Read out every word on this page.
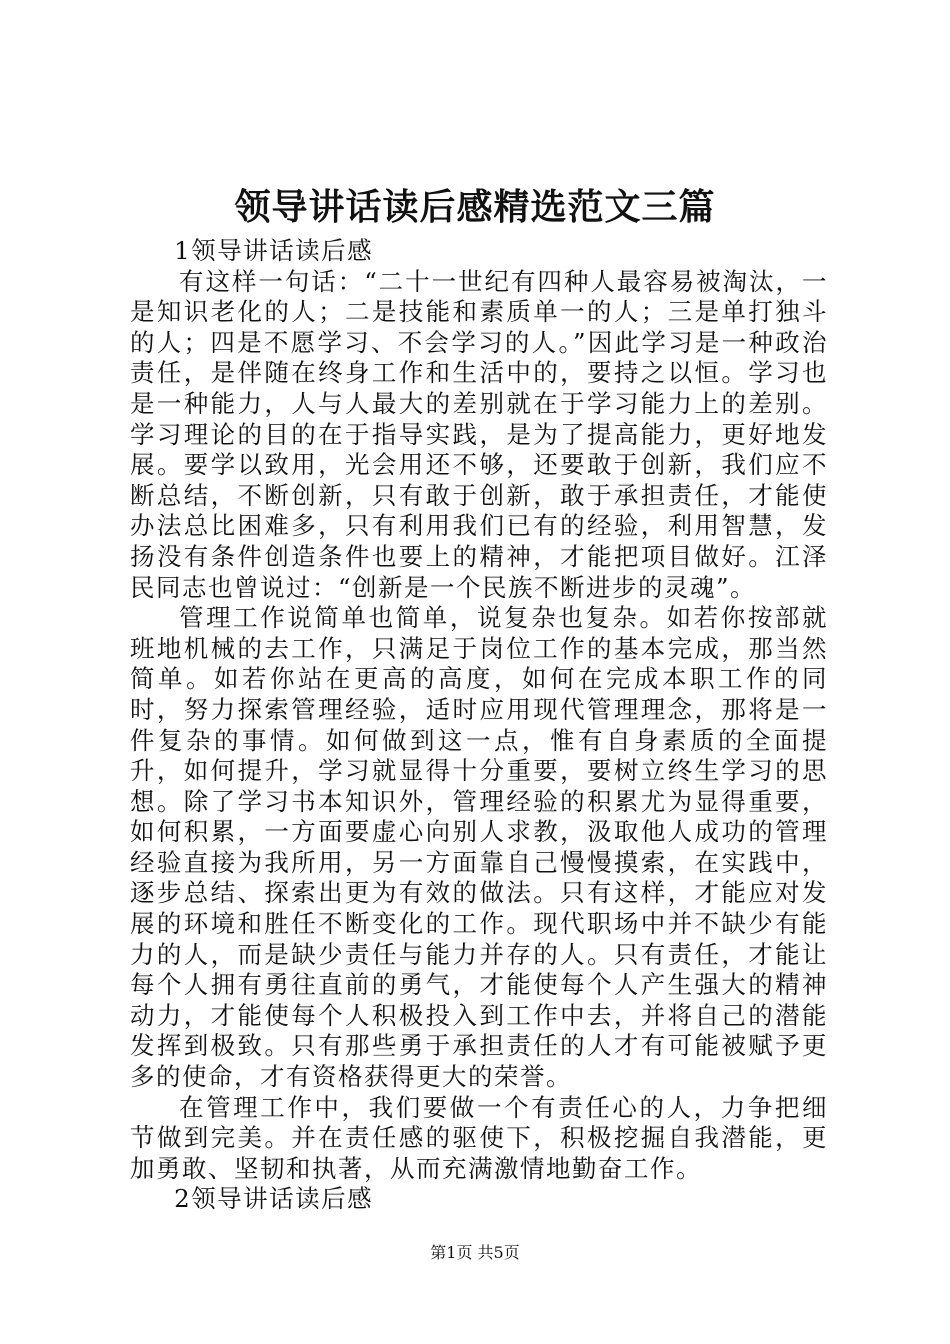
领导讲话读后感精选范文三篇

1领导讲话读后感

有这样一句话：“二十一世纪有四种人最容易被淘汰，一是知识老化的人；二是技能和素质单一的人；三是单打独斗的人；四是不愿学习、不会学习的人。”因此学习是一种政治责任，是伴随在终身工作和生活中的，要持之以恒。学习也是一种能力，人与人最大的差别就在于学习能力上的差别。学习理论的目的在于指导实践，是为了提高能力，更好地发展。要学以致用，光会用还不够，还要敢于创新，我们应不断总结，不断创新，只有敢于创新，敢于承担责任，才能使办法总比困难多，只有利用我们已有的经验，利用智慧，发扬没有条件创造条件也要上的精神，才能把项目做好。江泽民同志也曾说过：“创新是一个民族不断进步的灵魂”。

管理工作说简单也简单，说复杂也复杂。如若你按部就班地机械的去工作，只满足于岗位工作的基本完成，那当然简单。如若你站在更高的高度，如何在完成本职工作的同时，努力探索管理经验，适时应用现代管理理念，那将是一件复杂的事情。如何做到这一点，惟有自身素质的全面提升，如何提升，学习就显得十分重要，要树立终生学习的思想。除了学习书本知识外，管理经验的积累尤为显得重要，如何积累，一方面要虚心向别人求教，汲取他人成功的管理经验直接为我所用，另一方面靠自己慢慢摸索，在实践中，逐步总结、探索出更为有效的做法。只有这样，才能应对发展的环境和胜任不断变化的工作。现代职场中并不缺少有能力的人，而是缺少责任与能力并存的人。只有责任，才能让每个人拥有勇往直前的勇气，才能使每个人产生强大的精神动力，才能使每个人积极投入到工作中去，并将自己的潜能发挥到极致。只有那些勇于承担责任的人才有可能被赋予更多的使命，才有资格获得更大的荣誉。

在管理工作中，我们要做一个有责任心的人，力争把细节做到完美。并在责任感的驱使下，积极挖掘自我潜能，更加勇敢、坚韧和执著，从而充满激情地勤奋工作。

2领导讲话读后感

第1页 共5页
